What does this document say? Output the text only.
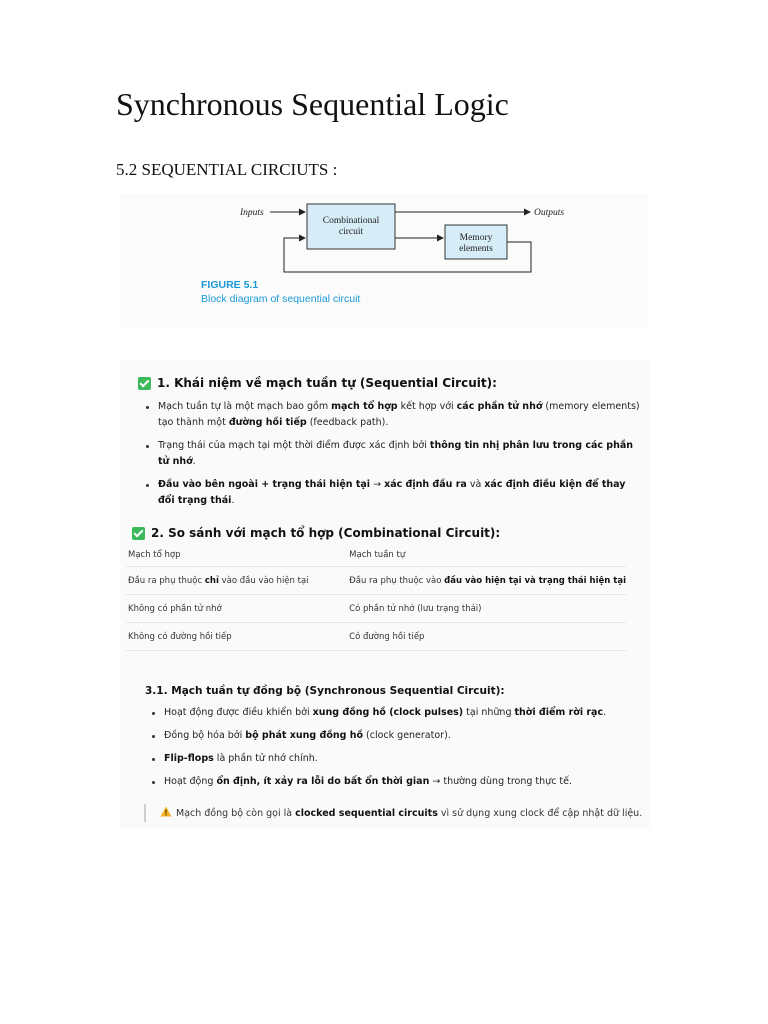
Synchronous Sequential Logic
5.2 SEQUENTIAL CIRCIUTS :
Inputs
Combinational
circuit
Outputs
Memory
elements
FIGURE 5.1
Block diagram of sequential circuit
1. Khái niệm về mạch tuần tự (Sequential Circuit):
Mạch tuần tự là một mạch bao gồm mạch tổ hợp kết hợp với các phần tử nhớ (memory elements) tạo thành một đường hồi tiếp (feedback path).
Trạng thái của mạch tại một thời điểm được xác định bởi thông tin nhị phân lưu trong các phần tử nhớ.
Đầu vào bên ngoài + trạng thái hiện tại → xác định đầu ra và xác định điều kiện để thay đổi trạng thái.
2. So sánh với mạch tổ hợp (Combinational Circuit):
Mạch tổ hợp	Mạch tuần tự
Đầu ra phụ thuộc chỉ vào đầu vào hiện tại	Đầu ra phụ thuộc vào đầu vào hiện tại và trạng thái hiện tại
Không có phần tử nhớ	Có phần tử nhớ (lưu trạng thái)
Không có đường hồi tiếp	Có đường hồi tiếp
3.1. Mạch tuần tự đồng bộ (Synchronous Sequential Circuit):
Hoạt động được điều khiển bởi xung đồng hồ (clock pulses) tại những thời điểm rời rạc.
Đồng bộ hóa bởi bộ phát xung đồng hồ (clock generator).
Flip-flops là phần tử nhớ chính.
Hoạt động ổn định, ít xảy ra lỗi do bất ổn thời gian → thường dùng trong thực tế.
Mạch đồng bộ còn gọi là clocked sequential circuits vì sử dụng xung clock để cập nhật dữ liệu.
